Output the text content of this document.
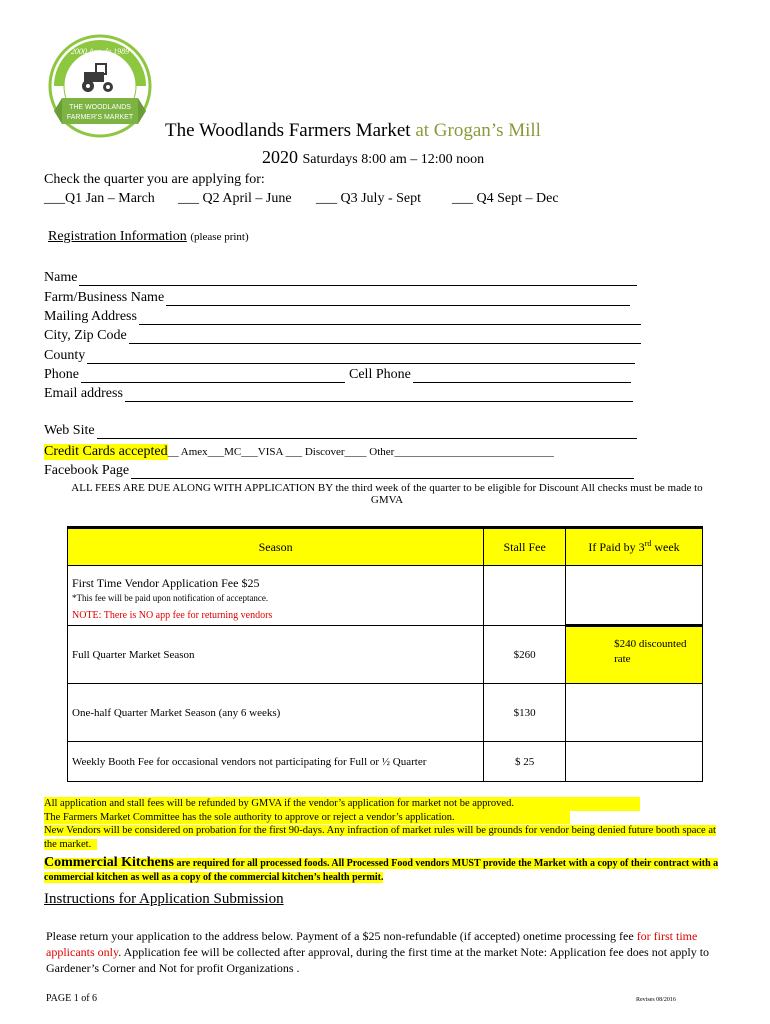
2000 Ann de 1989
THE WOODLANDS
FARMER'S MARKET
The Woodlands Farmers Market at Grogan’s Mill
2020 Saturdays 8:00 am – 12:00 noon
Check the quarter you are applying for:
___Q1 Jan – March ___ Q2 April – June ___ Q3 July - Sept ___ Q4 Sept – Dec
Registration Information (please print)
Name
Farm/Business Name
Mailing Address
City, Zip Code
County
Phone	Cell Phone
Email address
Web Site
Credit Cards accepted __ Amex___MC___VISA ___ Discover____ Other_____________________________
Facebook Page
ALL FEES ARE DUE ALONG WITH APPLICATION BY the third week of the quarter to be eligible for Discount All checks must be made to GMVA
Season	Stall Fee	If Paid by 3rd week

First Time Vendor Application Fee $25
*This fee will be paid upon notification of acceptance.
NOTE: There is NO app fee for returning vendors		

Full Quarter Market Season	$260	$240 discounted rate
One-half Quarter Market Season (any 6 weeks)	$130	
Weekly Booth Fee for occasional vendors not participating for Full or ½ Quarter	$ 25	
All application and stall fees will be refunded by GMVA if the vendor’s application for market not be approved.
The Farmers Market Committee has the sole authority to approve or reject a vendor’s application.
New Vendors will be considered on probation for the first 90-days. Any infraction of market rules will be grounds for vendor being denied future booth space at the market.
Commercial Kitchens are required for all processed foods. All Processed Food vendors MUST provide the Market with a copy of their contract with a commercial kitchen as well as a copy of the commercial kitchen’s health permit.
Instructions for Application Submission
Please return your application to the address below. Payment of a $25 non-refundable (if accepted) onetime processing fee for first time applicants only. Application fee will be collected after approval, during the first time at the market Note: Application fee does not apply to Gardener’s Corner and Not for profit Organizations .
PAGE 1 of 6	Revises 08/2016
